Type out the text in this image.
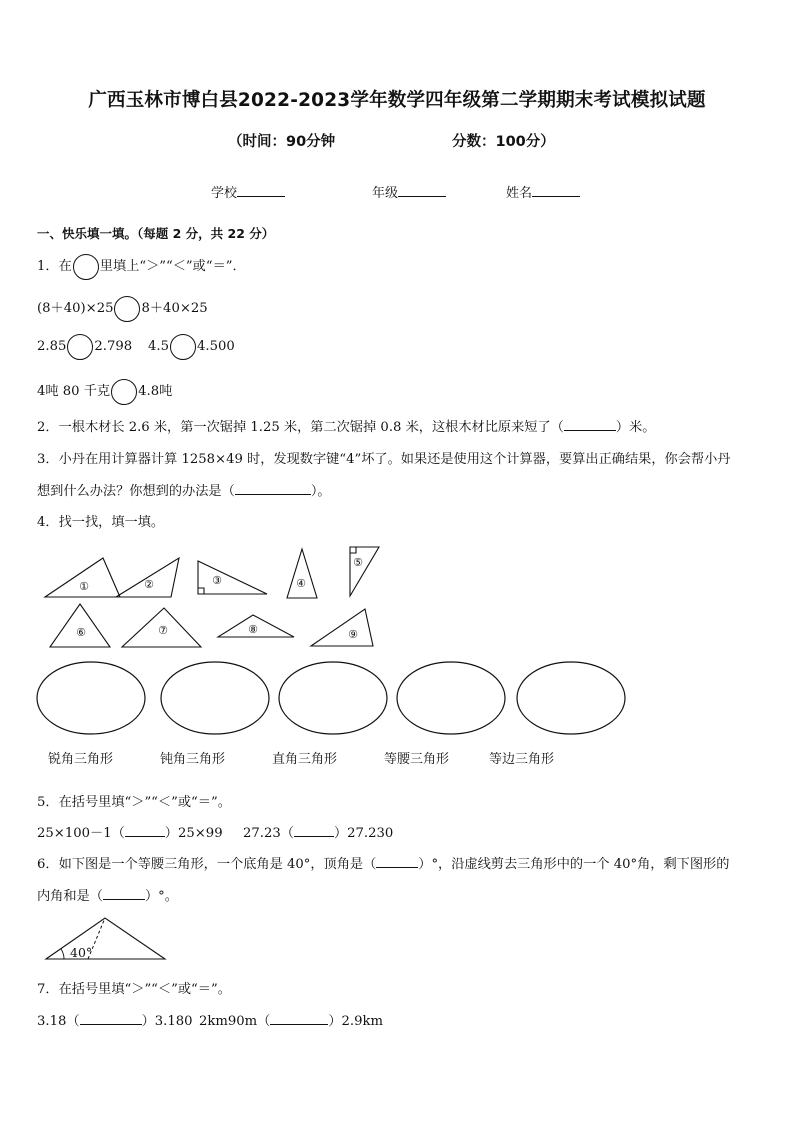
广西玉林市博白县2022-2023学年数学四年级第二学期期末考试模拟试题
（时间：90分钟	分数：100分）
学校	年级	姓名
一、快乐填一填。（每题 2 分，共 22 分）
1．在 里填上“＞”“＜”或“＝”．
(8＋40)×25 8＋40×25
2.85 2.798 4.5 4.500
4吨 80 千克 4.8吨
2．一根木材长 2.6 米，第一次锯掉 1.25 米，第二次锯掉 0.8 米，这根木材比原来短了（	）米。
3．小丹在用计算器计算 1258×49 时，发现数字键“4”坏了。如果还是使用这个计算器，要算出正确结果，你会帮小丹
想到什么办法？你想到的办法是（	）。
4．找一找，填一填。
①	②	③	④
⑤
⑥	⑦	⑧	⑨
锐角三角形	钝角三角形	直角三角形	等腰三角形	等边三角形
5．在括号里填“＞”“＜”或“＝”。
25×100－1（	）25×99 27.23（	）27.230
6．如下图是一个等腰三角形，一个底角是 40°，顶角是（	）°，沿虚线剪去三角形中的一个 40°角，剩下图形的
内角和是（	）°。
40°
7．在括号里填“＞”“＜”或“＝”。
3.18（	）3.180 2km90m（	）2.9km
